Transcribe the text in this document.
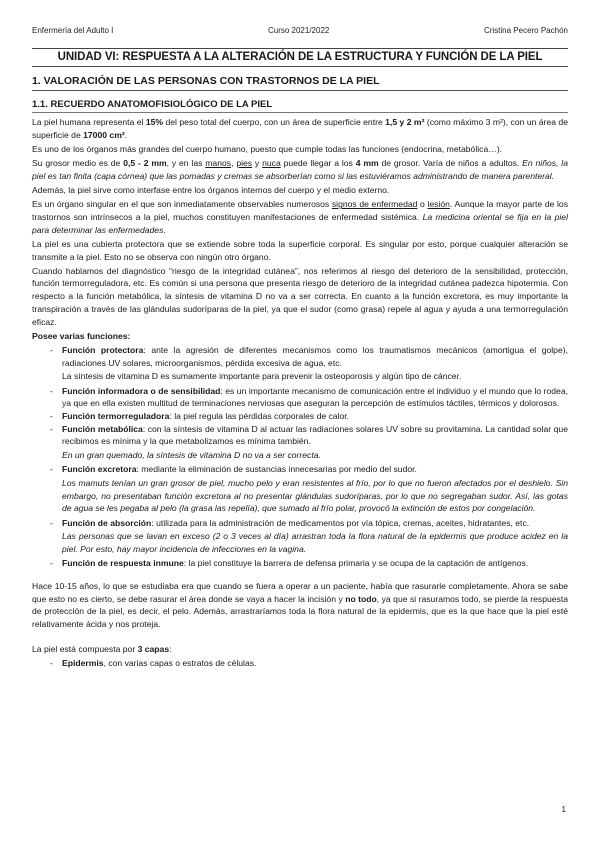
Enfermería del Adulto I	Curso 2021/2022	Cristina Pecero Pachón
UNIDAD VI: RESPUESTA A LA ALTERACIÓN DE LA ESTRUCTURA Y FUNCIÓN DE LA PIEL
1. VALORACIÓN DE LAS PERSONAS CON TRASTORNOS DE LA PIEL
1.1. RECUERDO ANATOMOFISIOLÓGICO DE LA PIEL

La piel humana representa el 15% del peso total del cuerpo, con un área de superficie entre 1,5 y 2 m² (como máximo 3 m²), con un área de superficie de 17000 cm².

Es uno de los órganos más grandes del cuerpo humano, puesto que cumple todas las funciones (endocrina, metabólica…).

Su grosor medio es de 0,5 - 2 mm, y en las manos, pies y nuca puede llegar a los 4 mm de grosor. Varía de niños a adultos. En niños, la piel es tan finita (capa córnea) que las pomadas y cremas se absorberían como si las estuviéramos administrando de manera parenteral.

Además, la piel sirve como interfase entre los órganos internos del cuerpo y el medio externo.

Es un órgano singular en el que son inmediatamente observables numerosos signos de enfermedad o lesión. Aunque la mayor parte de los trastornos son intrínsecos a la piel, muchos constituyen manifestaciones de enfermedad sistémica. La medicina oriental se fija en la piel para determinar las enfermedades.

La piel es una cubierta protectora que se extiende sobre toda la superficie corporal. Es singular por esto, porque cualquier alteración se transmite a la piel. Esto no se observa con ningún otro órgano.

Cuando hablamos del diagnóstico “riesgo de la integridad cutánea”, nos referimos al riesgo del deterioro de la sensibilidad, protección, función termorreguladora, etc. Es común si una persona que presenta riesgo de deterioro de la integridad cutánea padezca hipotermia. Con respecto a la función metabólica, la síntesis de vitamina D no va a ser correcta. En cuanto a la función excretora, es muy importante la transpiración a través de las glándulas sudoríparas de la piel, ya que el sudor (como grasa) repele al agua y ayuda a una termorregulación eficaz.

Posee varias funciones:

- Función protectora: ante la agresión de diferentes mecanismos como los traumatismos mecánicos (amortigua el golpe), radiaciones UV solares, microorganismos, pérdida excesiva de agua, etc.

La síntesis de vitamina D es sumamente importante para prevenir la osteoporosis y algún tipo de cáncer.

- Función informadora o de sensibilidad: es un importante mecanismo de comunicación entre el individuo y el mundo que lo rodea, ya que en ella existen multitud de terminaciones nerviosas que aseguran la percepción de estímulos táctiles, térmicos y dolorosos.
- Función termorreguladora: la piel regula las pérdidas corporales de calor.
- Función metabólica: con la síntesis de vitamina D al actuar las radiaciones solares UV sobre su provitamina. La cantidad solar que recibimos es mínima y la que metabolizamos es mínima también.

En un gran quemado, la síntesis de vitamina D no va a ser correcta.

- Función excretora: mediante la eliminación de sustancias innecesarias por medio del sudor.

Los mamuts tenían un gran grosor de piel, mucho pelo y eran resistentes al frío, por lo que no fueron afectados por el deshielo. Sin embargo, no presentaban función excretora al no presentar glándulas sudoríparas, por lo que no segregaban sudor. Así, las gotas de agua se les pegaba al pelo (la grasa las repelía), que sumado al frío polar, provocó la extinción de estos por congelación.

- Función de absorción: utilizada para la administración de medicamentos por vía tópica, cremas, aceites, hidratantes, etc.

Las personas que se lavan en exceso (2 o 3 veces al día) arrastran toda la flora natural de la epidermis que produce acidez en la piel. Por esto, hay mayor incidencia de infecciones en la vagina.

- Función de respuesta inmune: la piel constituye la barrera de defensa primaria y se ocupa de la captación de antígenos.

Hace 10-15 años, lo que se estudiaba era que cuando se fuera a operar a un paciente, había que rasurarle completamente. Ahora se sabe que esto no es cierto, se debe rasurar el área donde se vaya a hacer la incisión y no todo, ya que si rasuramos todo, se pierde la respuesta de protección de la piel, es decir, el pelo. Además, arrastraríamos toda la flora natural de la epidermis, que es la que hace que la piel esté relativamente ácida y nos proteja.

La piel está compuesta por 3 capas:

- Epidermis, con varias capas o estratos de células.
1
